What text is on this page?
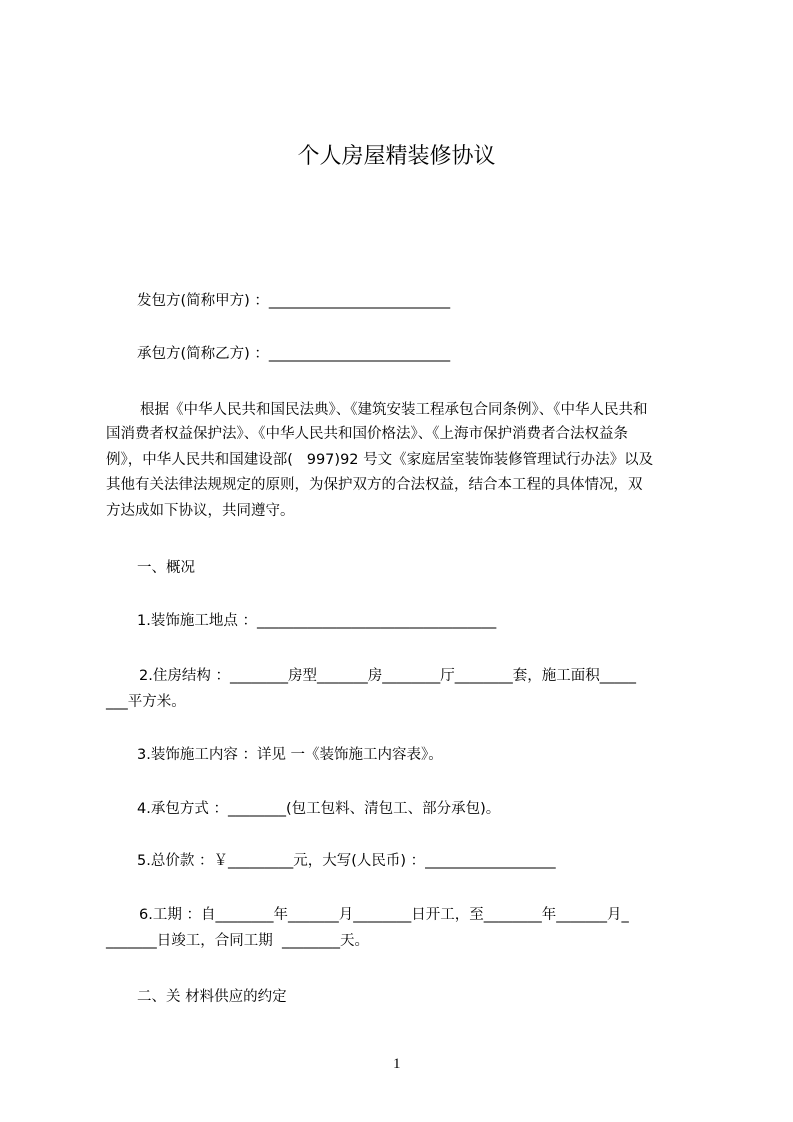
个人房屋精装修协议
发包方(简称甲方) ：_________________________
承包方(简称乙方) ：_________________________
根据《中华人民共和国民法典》、《建筑安装工程承包合同条例》、《中华人民共和
国消费者权益保护法》、《中华人民共和国价格法》、《上海市保护消费者合法权益条
例》，中华人民共和国建设部(   997)92 号文《家庭居室装饰装修管理试行办法》以及
其他有关法律法规规定的原则，为保护双方的合法权益，结合本工程的具体情况，双
方达成如下协议，共同遵守。
一、概况
1.装饰施工地点 ：_________________________________
2.住房结构 ：________房型_______房________厅________套，施工面积_____
___平方米。
3.装饰施工内容 ：详见 一《装饰施工内容表》。
4.承包方式 ：________(包工包料、清包工、部分承包)。
5.总价款 ：￥_________元，大写(人民币) ：__________________
6.工期 ：自________年_______月________日开工，至________年_______月_
_______日竣工，合同工期  ________天。
二、关 材料供应的约定
1
